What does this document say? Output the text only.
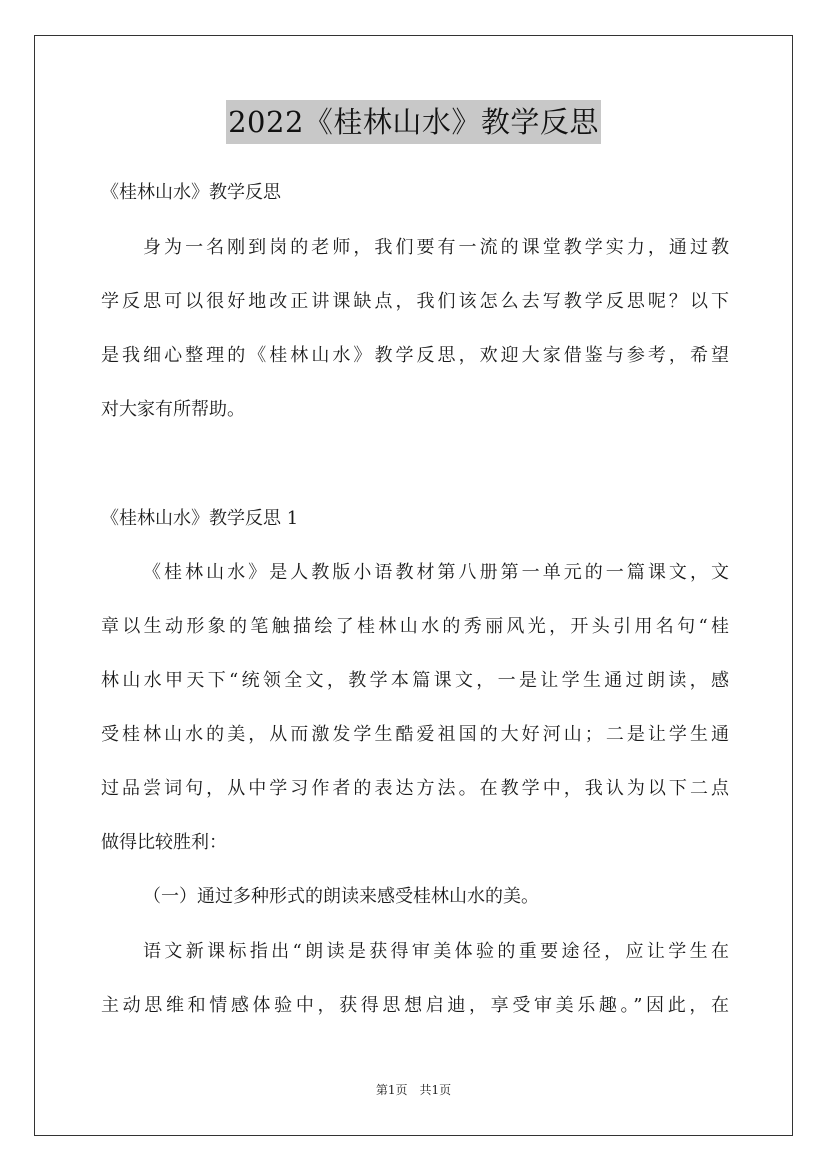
2022《桂林山水》教学反思
《桂林山水》教学反思
身为一名刚到岗的老师，我们要有一流的课堂教学实力，通过教
学反思可以很好地改正讲课缺点，我们该怎么去写教学反思呢？以下
是我细心整理的《桂林山水》教学反思，欢迎大家借鉴与参考，希望
对大家有所帮助。
《桂林山水》教学反思 1
《桂林山水》是人教版小语教材第八册第一单元的一篇课文，文
章以生动形象的笔触描绘了桂林山水的秀丽风光，开头引用名句“桂
林山水甲天下“统领全文，教学本篇课文，一是让学生通过朗读，感
受桂林山水的美，从而激发学生酷爱祖国的大好河山；二是让学生通
过品尝词句，从中学习作者的表达方法。在教学中，我认为以下二点
做得比较胜利：
（一）通过多种形式的朗读来感受桂林山水的美。
语文新课标指出“朗读是获得审美体验的重要途径，应让学生在
主动思维和情感体验中，获得思想启迪，享受审美乐趣。”因此，在
第1页　共1页
